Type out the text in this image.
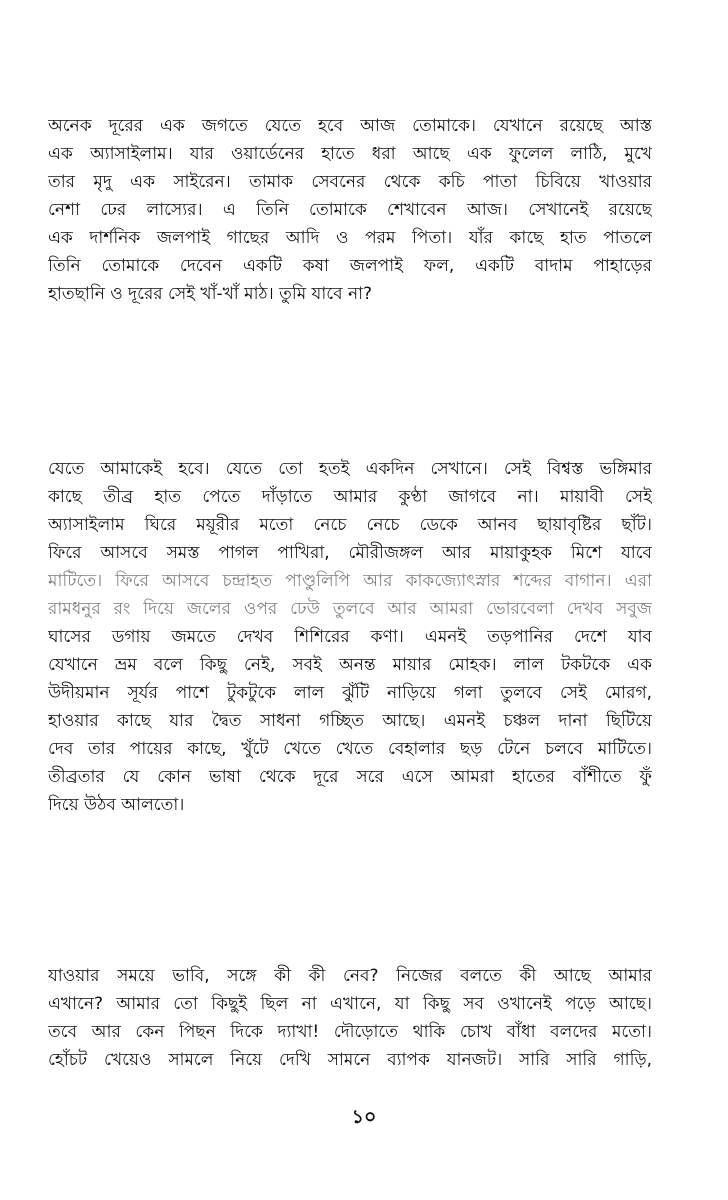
অনেক দূরের এক জগতে যেতে হবে আজ তোমাকে। যেখানে রয়েছে আস্ত
এক অ্যাসাইলাম। যার ওয়ার্ডেনের হাতে ধরা আছে এক ফুলেল লাঠি, মুখে
তার মৃদু এক সাইরেন। তামাক সেবনের থেকে কচি পাতা চিবিয়ে খাওয়ার
নেশা ঢের লাস্যের। এ তিনি তোমাকে শেখাবেন আজ। সেখানেই রয়েছে
এক দার্শনিক জলপাই গাছের আদি ও পরম পিতা। যাঁর কাছে হাত পাতলে
তিনি তোমাকে দেবেন একটি কষা জলপাই ফল, একটি বাদাম পাহাড়ের
হাতছানি ও দূরের সেই খাঁ-খাঁ মাঠ। তুমি যাবে না?
যেতে আমাকেই হবে। যেতে তো হতই একদিন সেখানে। সেই বিশ্বস্ত ভঙ্গিমার
কাছে তীব্র হাত পেতে দাঁড়াতে আমার কুণ্ঠা জাগবে না। মায়াবী সেই
অ্যাসাইলাম ঘিরে ময়ূরীর মতো নেচে নেচে ডেকে আনব ছায়াবৃষ্টির ছাঁট।
ফিরে আসবে সমস্ত পাগল পাখিরা, মৌরীজঙ্গল আর মায়াকুহক মিশে যাবে
মাটিতে। ফিরে আসবে চন্দ্রাহত পাণ্ডুলিপি আর কাকজ্যোৎস্নার শব্দের বাগান। এরা
রামধনুর রং দিয়ে জলের ওপর ঢেউ তুলবে আর আমরা ভোরবেলা দেখব সবুজ
ঘাসের ডগায় জমতে দেখব শিশিরের কণা। এমনই তড়পানির দেশে যাব
যেখানে ভ্রম বলে কিছু নেই, সবই অনন্ত মায়ার মোহক। লাল টকটকে এক
উদীয়মান সূর্যর পাশে টুকটুকে লাল ঝুঁটি নাড়িয়ে গলা তুলবে সেই মোরগ,
হাওয়ার কাছে যার দ্বৈত সাধনা গচ্ছিত আছে। এমনই চঞ্চল দানা ছিটিয়ে
দেব তার পায়ের কাছে, খুঁটে খেতে খেতে বেহালার ছড় টেনে চলবে মাটিতে।
তীব্রতার যে কোন ভাষা থেকে দূরে সরে এসে আমরা হাতের বাঁশীতে ফুঁ
দিয়ে উঠব আলতো।
যাওয়ার সময়ে ভাবি, সঙ্গে কী কী নেব? নিজের বলতে কী আছে আমার
এখানে? আমার তো কিছুই ছিল না এখানে, যা কিছু সব ওখানেই পড়ে আছে।
তবে আর কেন পিছন দিকে দ্যাখা! দৌড়োতে থাকি চোখ বাঁধা বলদের মতো।
হোঁচট খেয়েও সামলে নিয়ে দেখি সামনে ব্যাপক যানজট। সারি সারি গাড়ি,
১০
